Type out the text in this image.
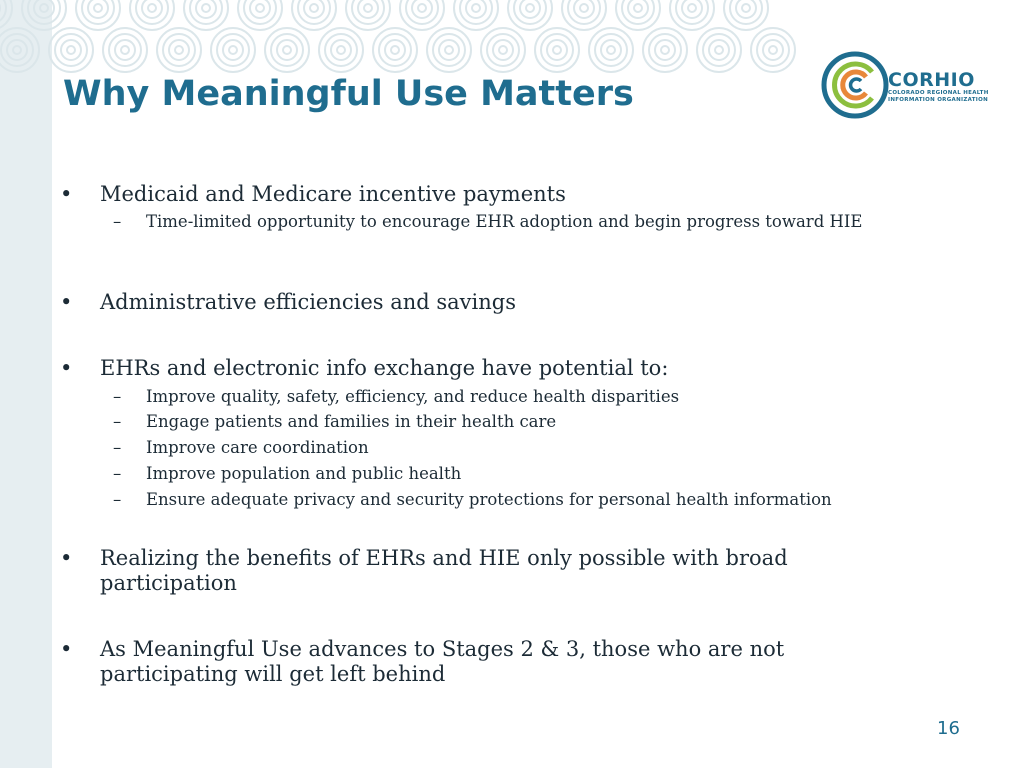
Why Meaningful Use Matters	CORHIO
COLORADO REGIONAL HEALTH
INFORMATION ORGANIZATION
• Medicaid and Medicare incentive payments
– Time-limited opportunity to encourage EHR adoption and begin progress toward HIE
• Administrative efficiencies and savings
• EHRs and electronic info exchange have potential to:
– Improve quality, safety, efficiency, and reduce health disparities
– Engage patients and families in their health care
– Improve care coordination
– Improve population and public health
– Ensure adequate privacy and security protections for personal health information
• Realizing the benefits of EHRs and HIE only possible with broad participation
• As Meaningful Use advances to Stages 2 & 3, those who are not participating will get left behind
16
